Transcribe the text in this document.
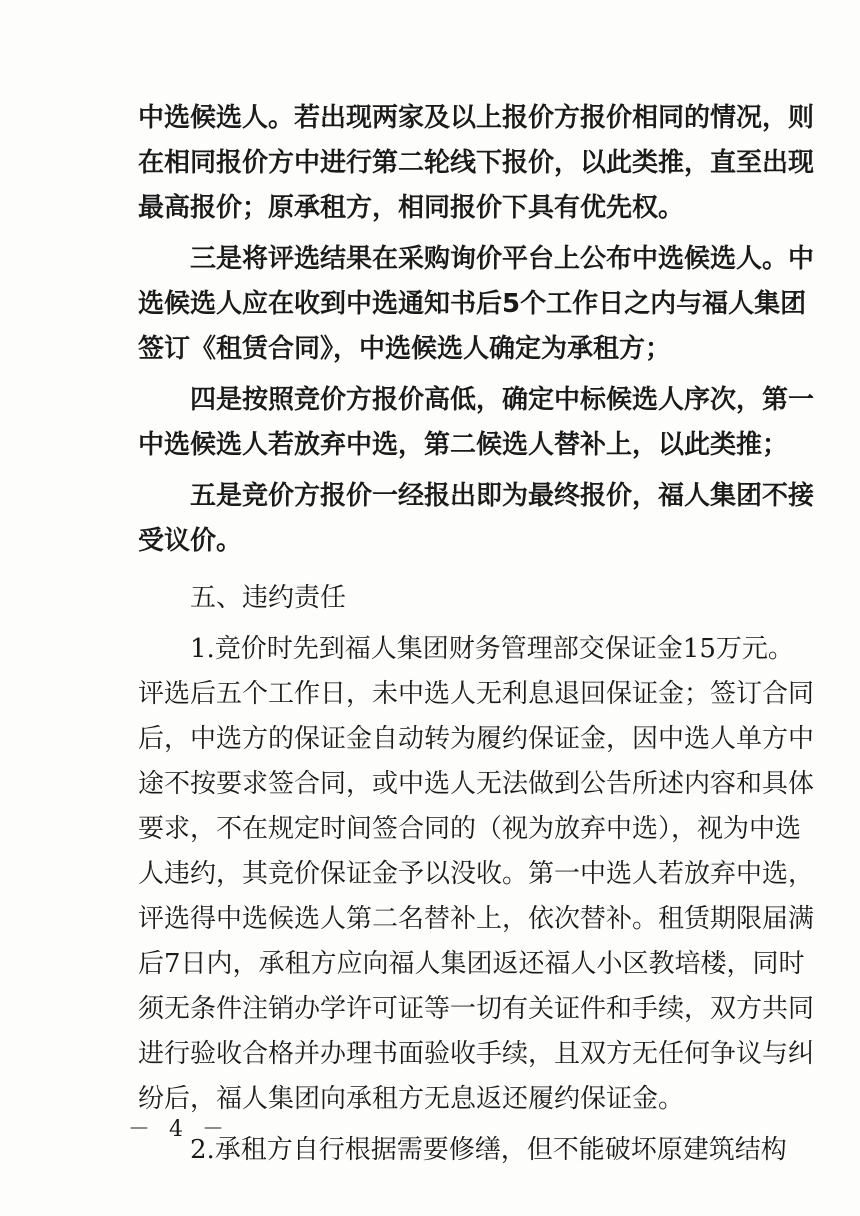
中选候选人。若出现两家及以上报价方报价相同的情况，则
在相同报价方中进行第二轮线下报价，以此类推，直至出现
最高报价；原承租方，相同报价下具有优先权。
三是将评选结果在采购询价平台上公布中选候选人。中
选候选人应在收到中选通知书后5个工作日之内与福人集团
签订《租赁合同》，中选候选人确定为承租方；
四是按照竞价方报价高低，确定中标候选人序次，第一
中选候选人若放弃中选，第二候选人替补上，以此类推；
五是竞价方报价一经报出即为最终报价，福人集团不接
受议价。
五、违约责任
1.竞价时先到福人集团财务管理部交保证金15万元。
评选后五个工作日，未中选人无利息退回保证金；签订合同
后，中选方的保证金自动转为履约保证金，因中选人单方中
途不按要求签合同，或中选人无法做到公告所述内容和具体
要求，不在规定时间签合同的（视为放弃中选），视为中选
人违约，其竞价保证金予以没收。第一中选人若放弃中选，
评选得中选候选人第二名替补上，依次替补。租赁期限届满
后7日内，承租方应向福人集团返还福人小区教培楼，同时
须无条件注销办学许可证等一切有关证件和手续，双方共同
进行验收合格并办理书面验收手续，且双方无任何争议与纠
纷后，福人集团向承租方无息返还履约保证金。
2.承租方自行根据需要修缮，但不能破坏原建筑结构
－ 4 －
